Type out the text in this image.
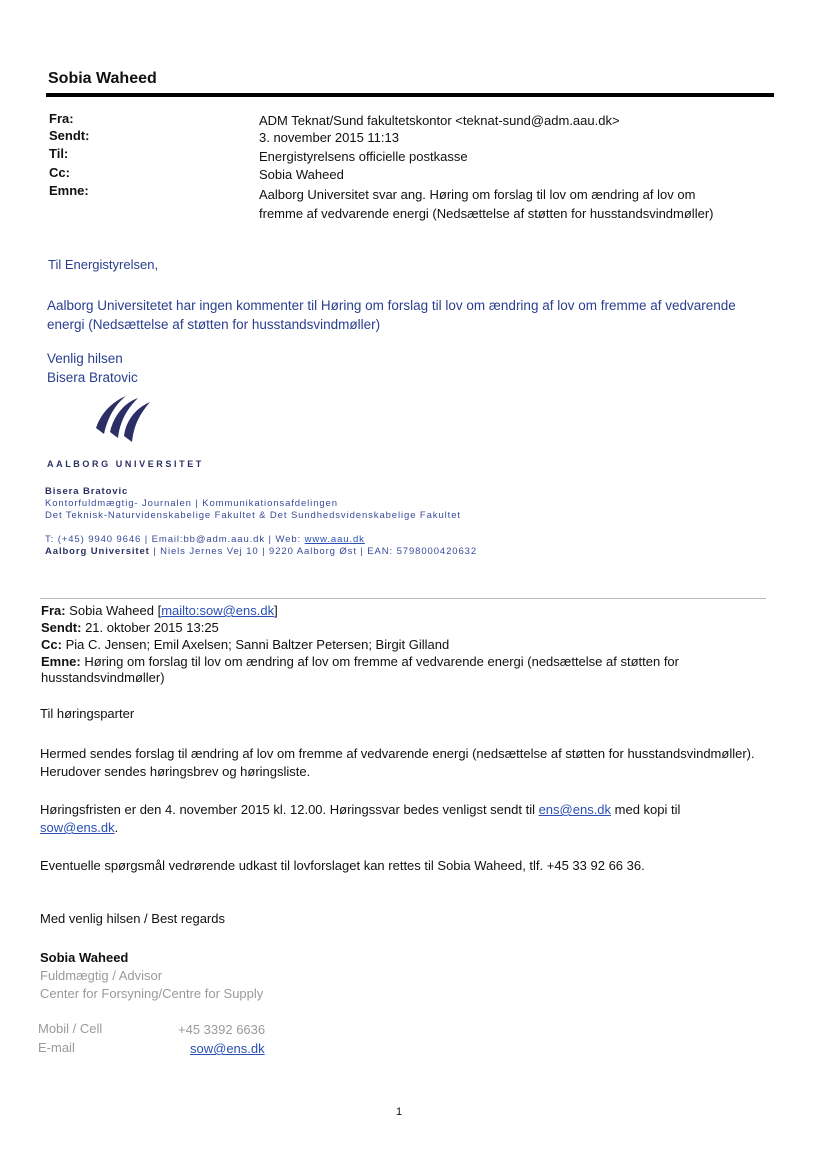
Sobia Waheed
Fra:	ADM Teknat/Sund fakultetskontor <teknat-sund@adm.aau.dk>
Sendt:	3. november 2015 11:13
Til:	Energistyrelsens officielle postkasse
Cc:	Sobia Waheed
Emne:	Aalborg Universitet svar ang. Høring om forslag til lov om ændring af lov om
fremme af vedvarende energi (Nedsættelse af støtten for husstandsvindmøller)
Til Energistyrelsen,
Aalborg Universitetet har ingen kommenter til Høring om forslag til lov om ændring af lov om fremme af vedvarende energi (Nedsættelse af støtten for husstandsvindmøller)
Venlig hilsen
Bisera Bratovic
AALBORG UNIVERSITET
Bisera Bratovic
Kontorfuldmægtig- Journalen | Kommunikationsafdelingen
Det Teknisk-Naturvidenskabelige Fakultet & Det Sundhedsvidenskabelige Fakultet
T: (+45) 9940 9646 | Email:bb@adm.aau.dk | Web: www.aau.dk
Aalborg Universitet | Niels Jernes Vej 10 | 9220 Aalborg Øst | EAN: 5798000420632
Fra: Sobia Waheed [mailto:sow@ens.dk]
Sendt: 21. oktober 2015 13:25
Cc: Pia C. Jensen; Emil Axelsen; Sanni Baltzer Petersen; Birgit Gilland
Emne: Høring om forslag til lov om ændring af lov om fremme af vedvarende energi (nedsættelse af støtten for
husstandsvindmøller)
Til høringsparter
Hermed sendes forslag til ændring af lov om fremme af vedvarende energi (nedsættelse af støtten for husstandsvindmøller). Herudover sendes høringsbrev og høringsliste.
Høringsfristen er den 4. november 2015 kl. 12.00. Høringssvar bedes venligst sendt til ens@ens.dk med kopi til
sow@ens.dk.
Eventuelle spørgsmål vedrørende udkast til lovforslaget kan rettes til Sobia Waheed, tlf. +45 33 92 66 36.
Med venlig hilsen / Best regards
Sobia Waheed
Fuldmægtig / Advisor
Center for Forsyning/Centre for Supply
Mobil / Cell	+45 3392 6636
E-mail	sow@ens.dk
1
